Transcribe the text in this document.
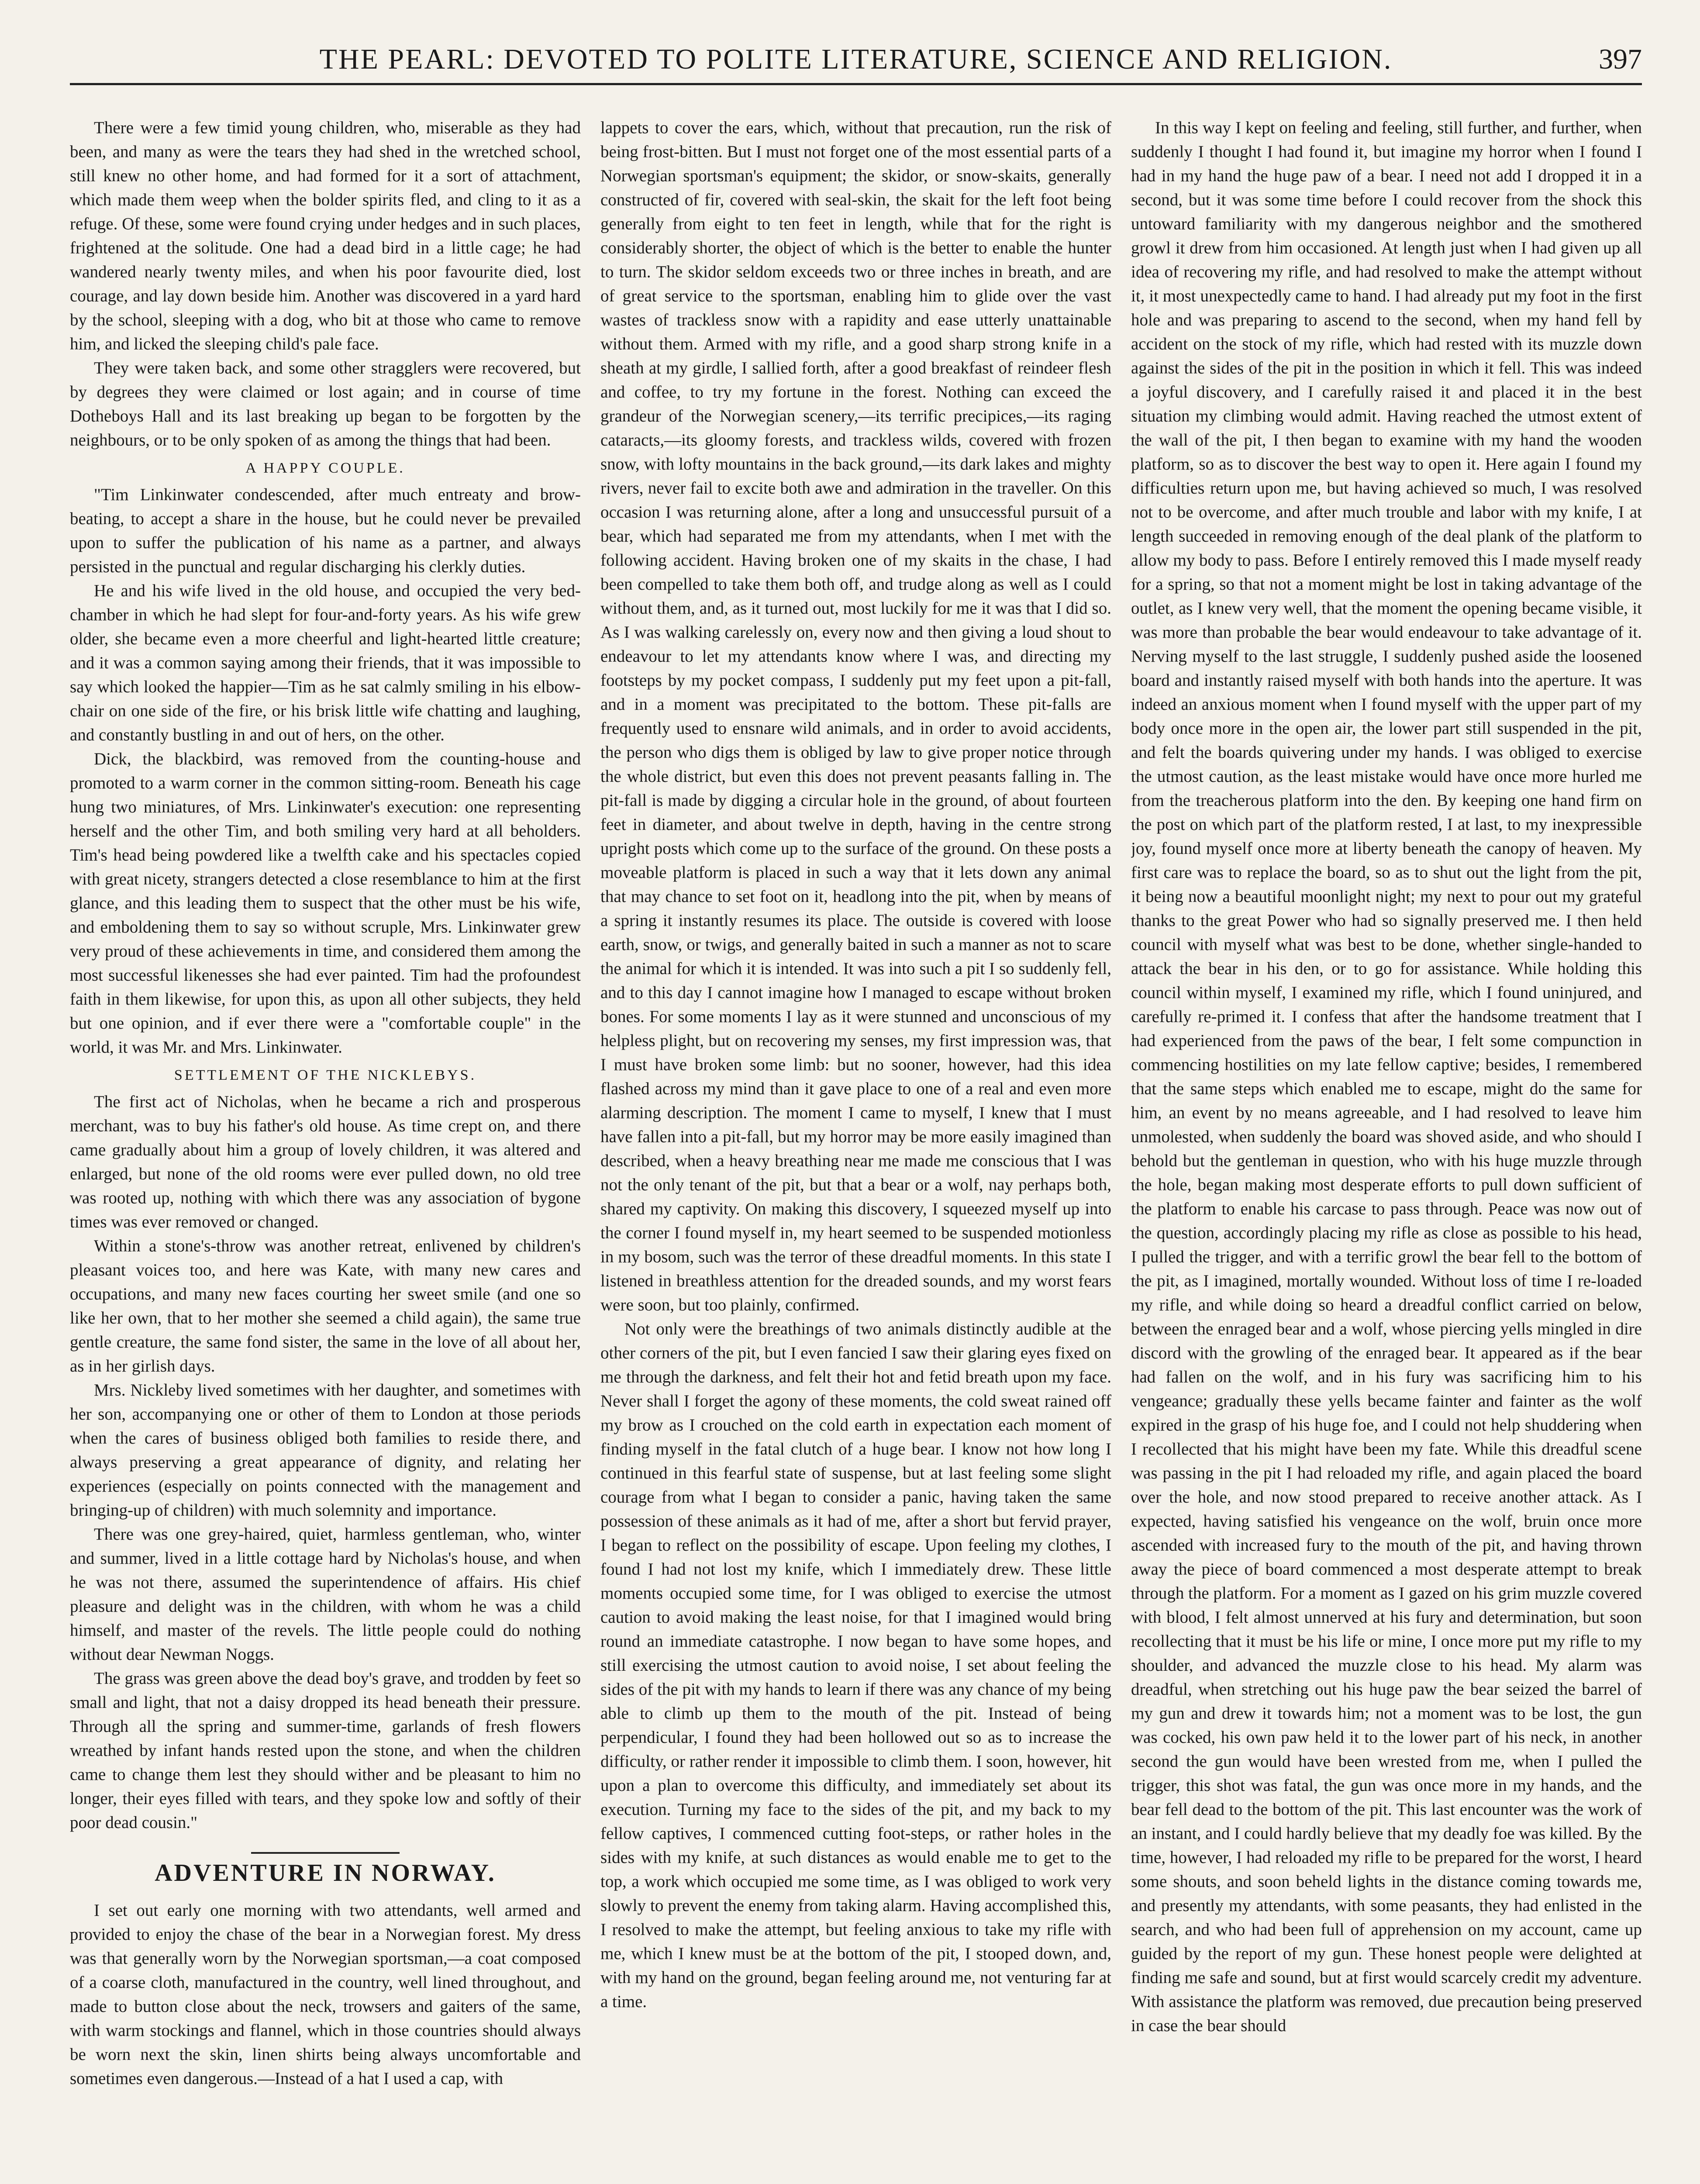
THE PEARL: DEVOTED TO POLITE LITERATURE, SCIENCE AND RELIGION.	397

There were a few timid young children, who, miserable as they had been, and many as were the tears they had shed in the wretched school, still knew no other home, and had formed for it a sort of attachment, which made them weep when the bolder spirits fled, and cling to it as a refuge. Of these, some were found crying under hedges and in such places, frightened at the solitude. One had a dead bird in a little cage; he had wandered nearly twenty miles, and when his poor favourite died, lost courage, and lay down beside him. Another was discovered in a yard hard by the school, sleeping with a dog, who bit at those who came to remove him, and licked the sleeping child's pale face.

They were taken back, and some other stragglers were recovered, but by degrees they were claimed or lost again; and in course of time Dotheboys Hall and its last breaking up began to be forgotten by the neighbours, or to be only spoken of as among the things that had been.

A HAPPY COUPLE.

"Tim Linkinwater condescended, after much entreaty and brow-beating, to accept a share in the house, but he could never be prevailed upon to suffer the publication of his name as a partner, and always persisted in the punctual and regular discharging his clerkly duties.

He and his wife lived in the old house, and occupied the very bed-chamber in which he had slept for four-and-forty years. As his wife grew older, she became even a more cheerful and light-hearted little creature; and it was a common saying among their friends, that it was impossible to say which looked the happier—Tim as he sat calmly smiling in his elbow-chair on one side of the fire, or his brisk little wife chatting and laughing, and constantly bustling in and out of hers, on the other.

Dick, the blackbird, was removed from the counting-house and promoted to a warm corner in the common sitting-room. Beneath his cage hung two miniatures, of Mrs. Linkinwater's execution: one representing herself and the other Tim, and both smiling very hard at all beholders. Tim's head being powdered like a twelfth cake and his spectacles copied with great nicety, strangers detected a close resemblance to him at the first glance, and this leading them to suspect that the other must be his wife, and emboldening them to say so without scruple, Mrs. Linkinwater grew very proud of these achievements in time, and considered them among the most successful likenesses she had ever painted. Tim had the profoundest faith in them likewise, for upon this, as upon all other subjects, they held but one opinion, and if ever there were a "comfortable couple" in the world, it was Mr. and Mrs. Linkinwater.

SETTLEMENT OF THE NICKLEBYS.

The first act of Nicholas, when he became a rich and prosperous merchant, was to buy his father's old house. As time crept on, and there came gradually about him a group of lovely children, it was altered and enlarged, but none of the old rooms were ever pulled down, no old tree was rooted up, nothing with which there was any association of bygone times was ever removed or changed.

Within a stone's-throw was another retreat, enlivened by children's pleasant voices too, and here was Kate, with many new cares and occupations, and many new faces courting her sweet smile (and one so like her own, that to her mother she seemed a child again), the same true gentle creature, the same fond sister, the same in the love of all about her, as in her girlish days.

Mrs. Nickleby lived sometimes with her daughter, and sometimes with her son, accompanying one or other of them to London at those periods when the cares of business obliged both families to reside there, and always preserving a great appearance of dignity, and relating her experiences (especially on points connected with the management and bringing-up of children) with much solemnity and importance.

There was one grey-haired, quiet, harmless gentleman, who, winter and summer, lived in a little cottage hard by Nicholas's house, and when he was not there, assumed the superintendence of affairs. His chief pleasure and delight was in the children, with whom he was a child himself, and master of the revels. The little people could do nothing without dear Newman Noggs.

The grass was green above the dead boy's grave, and trodden by feet so small and light, that not a daisy dropped its head beneath their pressure. Through all the spring and summer-time, garlands of fresh flowers wreathed by infant hands rested upon the stone, and when the children came to change them lest they should wither and be pleasant to him no longer, their eyes filled with tears, and they spoke low and softly of their poor dead cousin."

ADVENTURE IN NORWAY.

I set out early one morning with two attendants, well armed and provided to enjoy the chase of the bear in a Norwegian forest. My dress was that generally worn by the Norwegian sportsman,—a coat composed of a coarse cloth, manufactured in the country, well lined throughout, and made to button close about the neck, trowsers and gaiters of the same, with warm stockings and flannel, which in those countries should always be worn next the skin, linen shirts being always uncomfortable and sometimes even dangerous.—Instead of a hat I used a cap, with

lappets to cover the ears, which, without that precaution, run the risk of being frost-bitten. But I must not forget one of the most essential parts of a Norwegian sportsman's equipment; the skidor, or snow-skaits, generally constructed of fir, covered with seal-skin, the skait for the left foot being generally from eight to ten feet in length, while that for the right is considerably shorter, the object of which is the better to enable the hunter to turn. The skidor seldom exceeds two or three inches in breath, and are of great service to the sportsman, enabling him to glide over the vast wastes of trackless snow with a rapidity and ease utterly unattainable without them. Armed with my rifle, and a good sharp strong knife in a sheath at my girdle, I sallied forth, after a good breakfast of reindeer flesh and coffee, to try my fortune in the forest. Nothing can exceed the grandeur of the Norwegian scenery,—its terrific precipices,—its raging cataracts,—its gloomy forests, and trackless wilds, covered with frozen snow, with lofty mountains in the back ground,—its dark lakes and mighty rivers, never fail to excite both awe and admiration in the traveller. On this occasion I was returning alone, after a long and unsuccessful pursuit of a bear, which had separated me from my attendants, when I met with the following accident. Having broken one of my skaits in the chase, I had been compelled to take them both off, and trudge along as well as I could without them, and, as it turned out, most luckily for me it was that I did so. As I was walking carelessly on, every now and then giving a loud shout to endeavour to let my attendants know where I was, and directing my footsteps by my pocket compass, I suddenly put my feet upon a pit-fall, and in a moment was precipitated to the bottom. These pit-falls are frequently used to ensnare wild animals, and in order to avoid accidents, the person who digs them is obliged by law to give proper notice through the whole district, but even this does not prevent peasants falling in. The pit-fall is made by digging a circular hole in the ground, of about fourteen feet in diameter, and about twelve in depth, having in the centre strong upright posts which come up to the surface of the ground. On these posts a moveable platform is placed in such a way that it lets down any animal that may chance to set foot on it, headlong into the pit, when by means of a spring it instantly resumes its place. The outside is covered with loose earth, snow, or twigs, and generally baited in such a manner as not to scare the animal for which it is intended. It was into such a pit I so suddenly fell, and to this day I cannot imagine how I managed to escape without broken bones. For some moments I lay as it were stunned and unconscious of my helpless plight, but on recovering my senses, my first impression was, that I must have broken some limb: but no sooner, however, had this idea flashed across my mind than it gave place to one of a real and even more alarming description. The moment I came to myself, I knew that I must have fallen into a pit-fall, but my horror may be more easily imagined than described, when a heavy breathing near me made me conscious that I was not the only tenant of the pit, but that a bear or a wolf, nay perhaps both, shared my captivity. On making this discovery, I squeezed myself up into the corner I found myself in, my heart seemed to be suspended motionless in my bosom, such was the terror of these dreadful moments. In this state I listened in breathless attention for the dreaded sounds, and my worst fears were soon, but too plainly, confirmed.

Not only were the breathings of two animals distinctly audible at the other corners of the pit, but I even fancied I saw their glaring eyes fixed on me through the darkness, and felt their hot and fetid breath upon my face. Never shall I forget the agony of these moments, the cold sweat rained off my brow as I crouched on the cold earth in expectation each moment of finding myself in the fatal clutch of a huge bear. I know not how long I continued in this fearful state of suspense, but at last feeling some slight courage from what I began to consider a panic, having taken the same possession of these animals as it had of me, after a short but fervid prayer, I began to reflect on the possibility of escape. Upon feeling my clothes, I found I had not lost my knife, which I immediately drew. These little moments occupied some time, for I was obliged to exercise the utmost caution to avoid making the least noise, for that I imagined would bring round an immediate catastrophe. I now began to have some hopes, and still exercising the utmost caution to avoid noise, I set about feeling the sides of the pit with my hands to learn if there was any chance of my being able to climb up them to the mouth of the pit. Instead of being perpendicular, I found they had been hollowed out so as to increase the difficulty, or rather render it impossible to climb them. I soon, however, hit upon a plan to overcome this difficulty, and immediately set about its execution. Turning my face to the sides of the pit, and my back to my fellow captives, I commenced cutting foot-steps, or rather holes in the sides with my knife, at such distances as would enable me to get to the top, a work which occupied me some time, as I was obliged to work very slowly to prevent the enemy from taking alarm. Having accomplished this, I resolved to make the attempt, but feeling anxious to take my rifle with me, which I knew must be at the bottom of the pit, I stooped down, and, with my hand on the ground, began feeling around me, not venturing far at a time.

In this way I kept on feeling and feeling, still further, and further, when suddenly I thought I had found it, but imagine my horror when I found I had in my hand the huge paw of a bear. I need not add I dropped it in a second, but it was some time before I could recover from the shock this untoward familiarity with my dangerous neighbor and the smothered growl it drew from him occasioned. At length just when I had given up all idea of recovering my rifle, and had resolved to make the attempt without it, it most unexpectedly came to hand. I had already put my foot in the first hole and was preparing to ascend to the second, when my hand fell by accident on the stock of my rifle, which had rested with its muzzle down against the sides of the pit in the position in which it fell. This was indeed a joyful discovery, and I carefully raised it and placed it in the best situation my climbing would admit. Having reached the utmost extent of the wall of the pit, I then began to examine with my hand the wooden platform, so as to discover the best way to open it. Here again I found my difficulties return upon me, but having achieved so much, I was resolved not to be overcome, and after much trouble and labor with my knife, I at length succeeded in removing enough of the deal plank of the platform to allow my body to pass. Before I entirely removed this I made myself ready for a spring, so that not a moment might be lost in taking advantage of the outlet, as I knew very well, that the moment the opening became visible, it was more than probable the bear would endeavour to take advantage of it. Nerving myself to the last struggle, I suddenly pushed aside the loosened board and instantly raised myself with both hands into the aperture. It was indeed an anxious moment when I found myself with the upper part of my body once more in the open air, the lower part still suspended in the pit, and felt the boards quivering under my hands. I was obliged to exercise the utmost caution, as the least mistake would have once more hurled me from the treacherous platform into the den. By keeping one hand firm on the post on which part of the platform rested, I at last, to my inexpressible joy, found myself once more at liberty beneath the canopy of heaven. My first care was to replace the board, so as to shut out the light from the pit, it being now a beautiful moonlight night; my next to pour out my grateful thanks to the great Power who had so signally preserved me. I then held council with myself what was best to be done, whether single-handed to attack the bear in his den, or to go for assistance. While holding this council within myself, I examined my rifle, which I found uninjured, and carefully re-primed it. I confess that after the handsome treatment that I had experienced from the paws of the bear, I felt some compunction in commencing hostilities on my late fellow captive; besides, I remembered that the same steps which enabled me to escape, might do the same for him, an event by no means agreeable, and I had resolved to leave him unmolested, when suddenly the board was shoved aside, and who should I behold but the gentleman in question, who with his huge muzzle through the hole, began making most desperate efforts to pull down sufficient of the platform to enable his carcase to pass through. Peace was now out of the question, accordingly placing my rifle as close as possible to his head, I pulled the trigger, and with a terrific growl the bear fell to the bottom of the pit, as I imagined, mortally wounded. Without loss of time I re-loaded my rifle, and while doing so heard a dreadful conflict carried on below, between the enraged bear and a wolf, whose piercing yells mingled in dire discord with the growling of the enraged bear. It appeared as if the bear had fallen on the wolf, and in his fury was sacrificing him to his vengeance; gradually these yells became fainter and fainter as the wolf expired in the grasp of his huge foe, and I could not help shuddering when I recollected that his might have been my fate. While this dreadful scene was passing in the pit I had reloaded my rifle, and again placed the board over the hole, and now stood prepared to receive another attack. As I expected, having satisfied his vengeance on the wolf, bruin once more ascended with increased fury to the mouth of the pit, and having thrown away the piece of board commenced a most desperate attempt to break through the platform. For a moment as I gazed on his grim muzzle covered with blood, I felt almost unnerved at his fury and determination, but soon recollecting that it must be his life or mine, I once more put my rifle to my shoulder, and advanced the muzzle close to his head. My alarm was dreadful, when stretching out his huge paw the bear seized the barrel of my gun and drew it towards him; not a moment was to be lost, the gun was cocked, his own paw held it to the lower part of his neck, in another second the gun would have been wrested from me, when I pulled the trigger, this shot was fatal, the gun was once more in my hands, and the bear fell dead to the bottom of the pit. This last encounter was the work of an instant, and I could hardly believe that my deadly foe was killed. By the time, however, I had reloaded my rifle to be prepared for the worst, I heard some shouts, and soon beheld lights in the distance coming towards me, and presently my attendants, with some peasants, they had enlisted in the search, and who had been full of apprehension on my account, came up guided by the report of my gun. These honest people were delighted at finding me safe and sound, but at first would scarcely credit my adventure. With assistance the platform was removed, due precaution being preserved in case the bear should
